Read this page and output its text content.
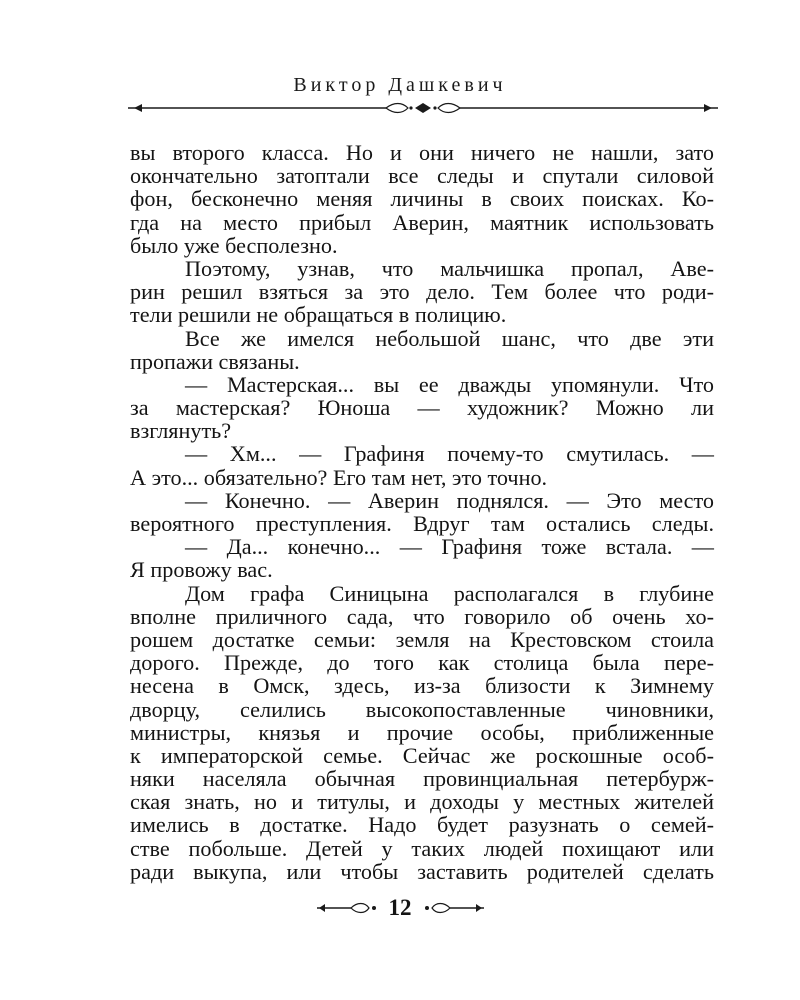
Виктор Дашкевич
вы второго класса. Но и они ничего не нашли, зато
окончательно затоптали все следы и спутали силовой
фон, бесконечно меняя личины в своих поисках. Ко-
гда на место прибыл Аверин, маятник использовать
было уже бесполезно.
Поэтому, узнав, что мальчишка пропал, Аве-
рин решил взяться за это дело. Тем более что роди-
тели решили не обращаться в полицию.
Все же имелся небольшой шанс, что две эти
пропажи связаны.
— Мастерская... вы ее дважды упомянули. Что
за мастерская? Юноша — художник? Можно ли
взглянуть?
— Хм... — Графиня почему-то смутилась. —
А это... обязательно? Его там нет, это точно.
— Конечно. — Аверин поднялся. — Это место
вероятного преступления. Вдруг там остались следы.
— Да... конечно... — Графиня тоже встала. —
Я провожу вас.
Дом графа Синицына располагался в глубине
вполне приличного сада, что говорило об очень хо-
рошем достатке семьи: земля на Крестовском стоила
дорого. Прежде, до того как столица была пере-
несена в Омск, здесь, из-за близости к Зимнему
дворцу, селились высокопоставленные чиновники,
министры, князья и прочие особы, приближенные
к императорской семье. Сейчас же роскошные особ-
няки населяла обычная провинциальная петербурж-
ская знать, но и титулы, и доходы у местных жителей
имелись в достатке. Надо будет разузнать о семей-
стве побольше. Детей у таких людей похищают или
ради выкупа, или чтобы заставить родителей сделать
12
